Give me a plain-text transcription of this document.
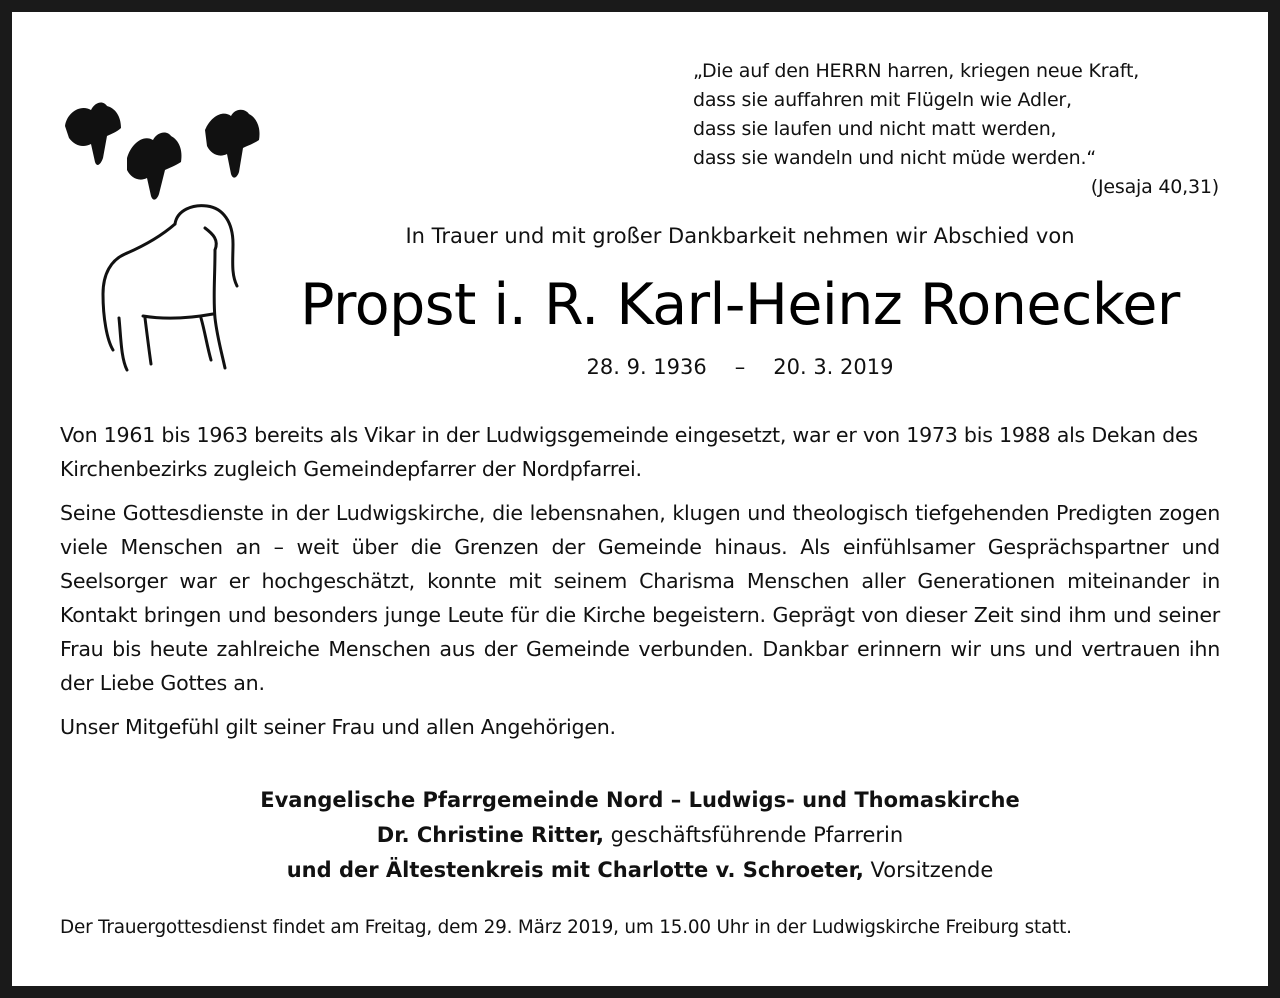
„Die auf den HERRN harren, kriegen neue Kraft,
dass sie auffahren mit Flügeln wie Adler,
dass sie laufen und nicht matt werden,
dass sie wandeln und nicht müde werden.“
(Jesaja 40,31)
In Trauer und mit großer Dankbarkeit nehmen wir Abschied von
Propst i. R. Karl-Heinz Ronecker
28. 9. 1936 – 20. 3. 2019

Von 1961 bis 1963 bereits als Vikar in der Ludwigsgemeinde eingesetzt, war er von 1973 bis 1988 als Dekan des Kirchenbezirks zugleich Gemeindepfarrer der Nordpfarrei.

Seine Gottesdienste in der Ludwigskirche, die lebensnahen, klugen und theologisch tiefgehenden Predigten zogen viele Menschen an – weit über die Grenzen der Gemeinde hinaus. Als einfühlsamer Gesprächspartner und Seelsorger war er hochgeschätzt, konnte mit seinem Charisma Menschen aller Generationen miteinander in Kontakt bringen und besonders junge Leute für die Kirche begeistern. Geprägt von dieser Zeit sind ihm und seiner Frau bis heute zahlreiche Menschen aus der Gemeinde verbunden. Dankbar erinnern wir uns und vertrauen ihn der Liebe Gottes an.

Unser Mitgefühl gilt seiner Frau und allen Angehörigen.

Evangelische Pfarrgemeinde Nord – Ludwigs- und Thomaskirche
Dr. Christine Ritter, geschäftsführende Pfarrerin
und der Ältestenkreis mit Charlotte v. Schroeter, Vorsitzende
Der Trauergottesdienst findet am Freitag, dem 29. März 2019, um 15.00 Uhr in der Ludwigskirche Freiburg statt.
